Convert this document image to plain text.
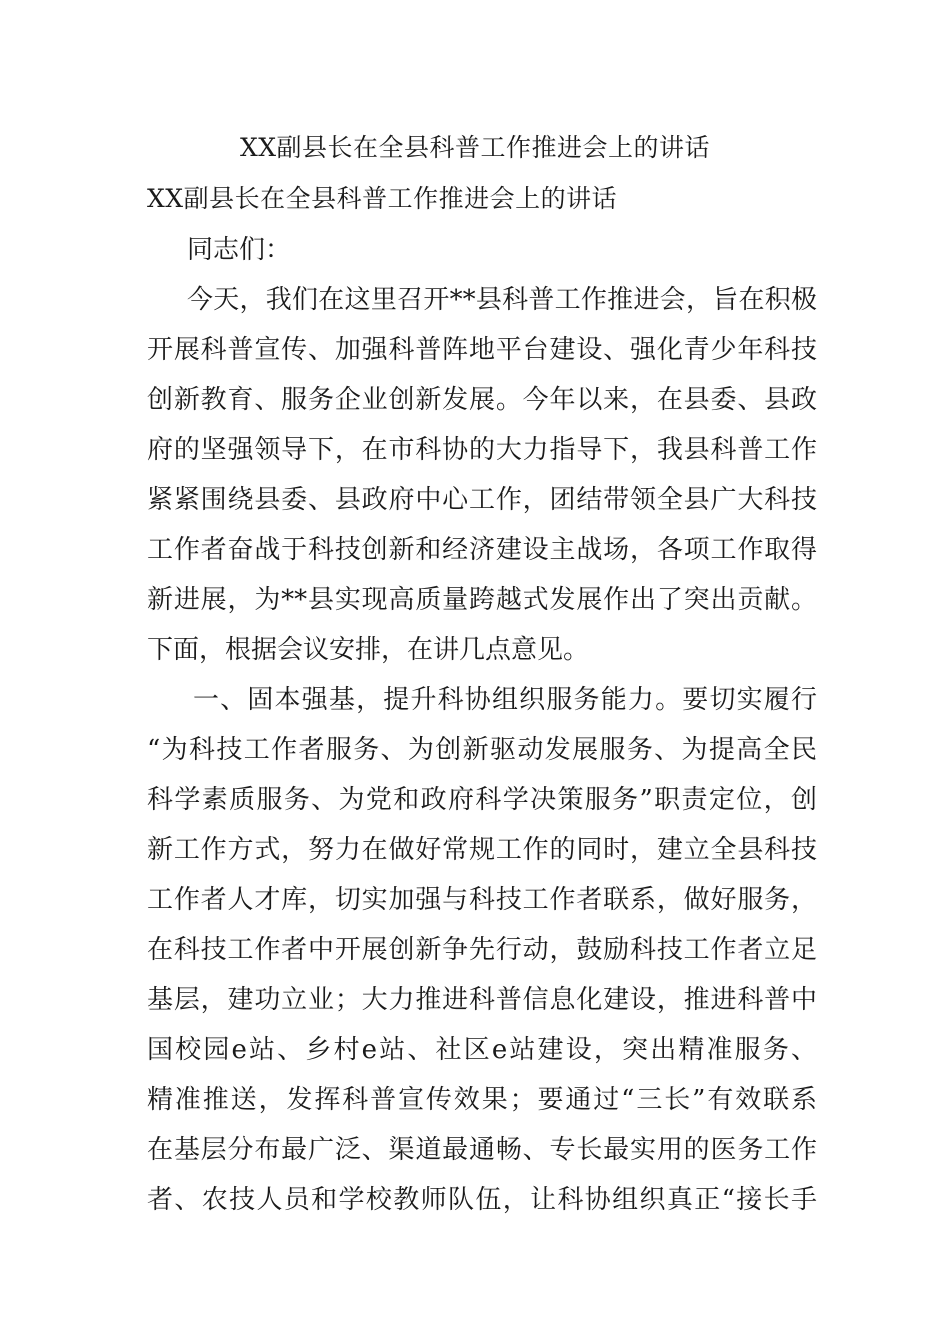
XX副县长在全县科普工作推进会上的讲话
XX副县长在全县科普工作推进会上的讲话
同志们：
今天，我们在这里召开**县科普工作推进会，旨在积极
开展科普宣传、加强科普阵地平台建设、强化青少年科技
创新教育、服务企业创新发展。今年以来，在县委、县政
府的坚强领导下，在市科协的大力指导下，我县科普工作
紧紧围绕县委、县政府中心工作，团结带领全县广大科技
工作者奋战于科技创新和经济建设主战场，各项工作取得
新进展，为**县实现高质量跨越式发展作出了突出贡献。
下面，根据会议安排，在讲几点意见。
一、固本强基，提升科协组织服务能力。要切实履行
“为科技工作者服务、为创新驱动发展服务、为提高全民
科学素质服务、为党和政府科学决策服务”职责定位，创
新工作方式，努力在做好常规工作的同时，建立全县科技
工作者人才库，切实加强与科技工作者联系，做好服务，
在科技工作者中开展创新争先行动，鼓励科技工作者立足
基层，建功立业；大力推进科普信息化建设，推进科普中
国校园e站、乡村e站、社区e站建设，突出精准服务、
精准推送，发挥科普宣传效果；要通过“三长”有效联系
在基层分布最广泛、渠道最通畅、专长最实用的医务工作
者、农技人员和学校教师队伍，让科协组织真正“接长手
